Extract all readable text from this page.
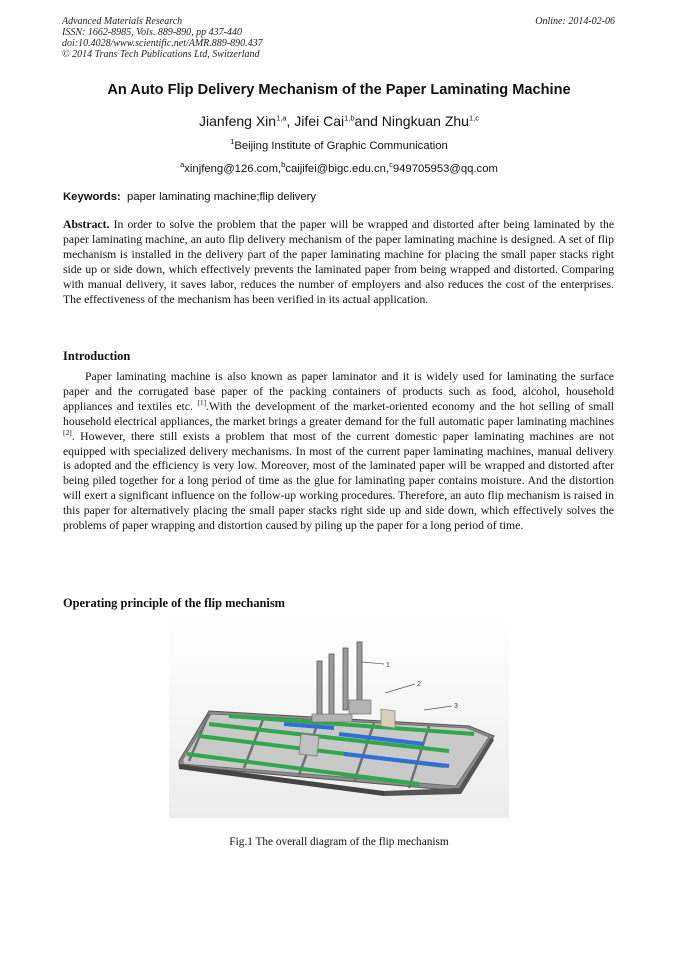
Advanced Materials Research
ISSN: 1662-8985, Vols. 889-890, pp 437-440
doi:10.4028/www.scientific.net/AMR.889-890.437
© 2014 Trans Tech Publications Ltd, Switzerland
Online: 2014-02-06
An Auto Flip Delivery Mechanism of the Paper Laminating Machine
Jianfeng Xin$^{1,a}$, Jifei Cai$^{1,b}$and Ningkuan Zhu$^{1,c}$
$^1$Beijing Institute of Graphic Communication
$^a$xinjfeng@126.com,$^b$caijifei@bigc.edu.cn,$^c$949705953@qq.com
Keywords: paper laminating machine;flip delivery
Abstract. In order to solve the problem that the paper will be wrapped and distorted after being laminated by the paper laminating machine, an auto flip delivery mechanism of the paper laminating machine is designed. A set of flip mechanism is installed in the delivery part of the paper laminating machine for placing the small paper stacks right side up or side down, which effectively prevents the laminated paper from being wrapped and distorted. Comparing with manual delivery, it saves labor, reduces the number of employers and also reduces the cost of the enterprises. The effectiveness of the mechanism has been verified in its actual application.
Introduction
Paper laminating machine is also known as paper laminator and it is widely used for laminating the surface paper and the corrugated base paper of the packing containers of products such as food, alcohol, household appliances and textiles etc. [1].With the development of the market-oriented economy and the hot selling of small household electrical appliances, the market brings a greater demand for the full automatic paper laminating machines [2]. However, there still exists a problem that most of the current domestic paper laminating machines are not equipped with specialized delivery mechanisms. In most of the current paper laminating machines, manual delivery is adopted and the efficiency is very low. Moreover, most of the laminated paper will be wrapped and distorted after being piled together for a long period of time as the glue for laminating paper contains moisture. And the distortion will exert a significant influence on the follow-up working procedures. Therefore, an auto flip mechanism is raised in this paper for alternatively placing the small paper stacks right side up and side down, which effectively solves the problems of paper wrapping and distortion caused by piling up the paper for a long period of time.
Operating principle of the flip mechanism
1
2
3
Fig.1 The overall diagram of the flip mechanism
